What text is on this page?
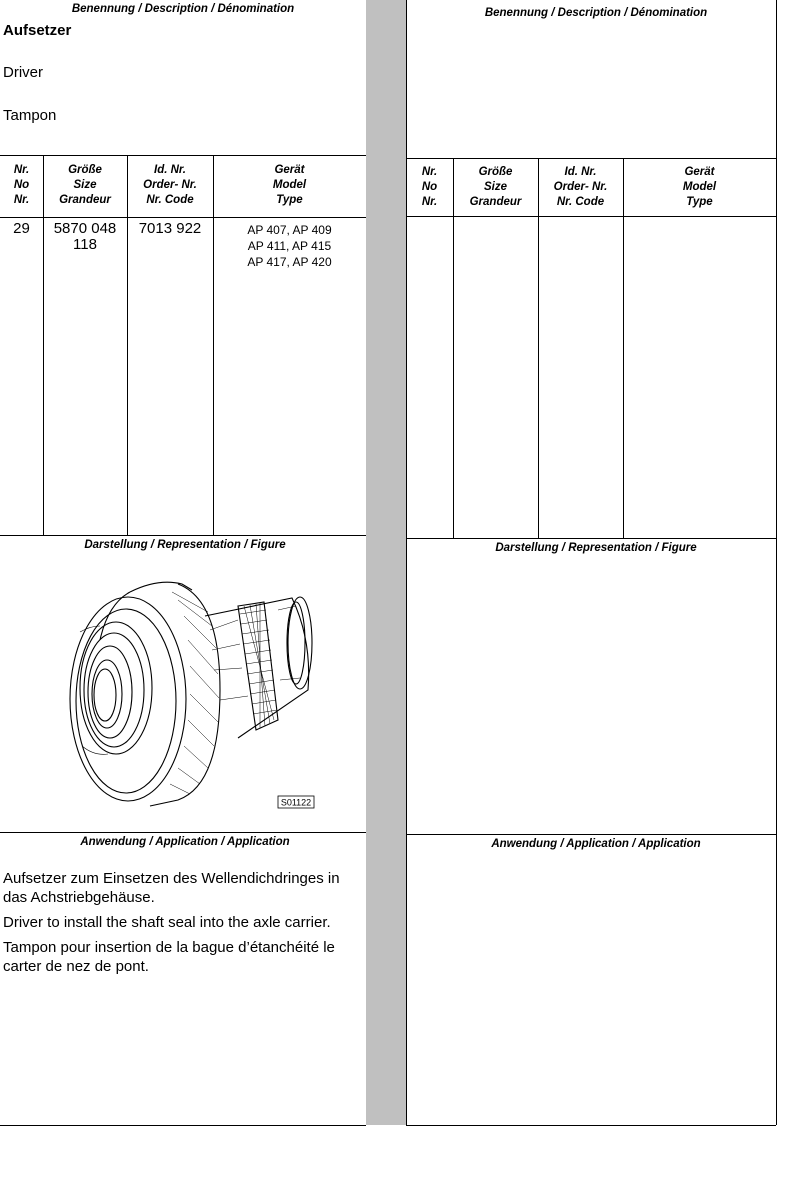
Benennung / Description / Dénomination
Aufsetzer
Driver
Tampon
Nr.
No
Nr.
Größe
Size
Grandeur
Id. Nr.
Order- Nr.
Nr. Code
Gerät
Model
Type
29	5870 048
118
7013 922	AP 407, AP 409
AP 411, AP 415
AP 417, AP 420
Darstellung / Representation / Figure
S01122
Anwendung / Application / Application

Aufsetzer zum Einsetzen des Wellendichdringes in das Achstriebgehäuse.

Driver to install the shaft seal into the axle carrier.

Tampon pour insertion de la bague d’étanchéité le carter de nez de pont.

Benennung / Description / Dénomination
Nr.
No
Nr.
Größe
Size
Grandeur
Id. Nr.
Order- Nr.
Nr. Code
Gerät
Model
Type
Darstellung / Representation / Figure
Anwendung / Application / Application
